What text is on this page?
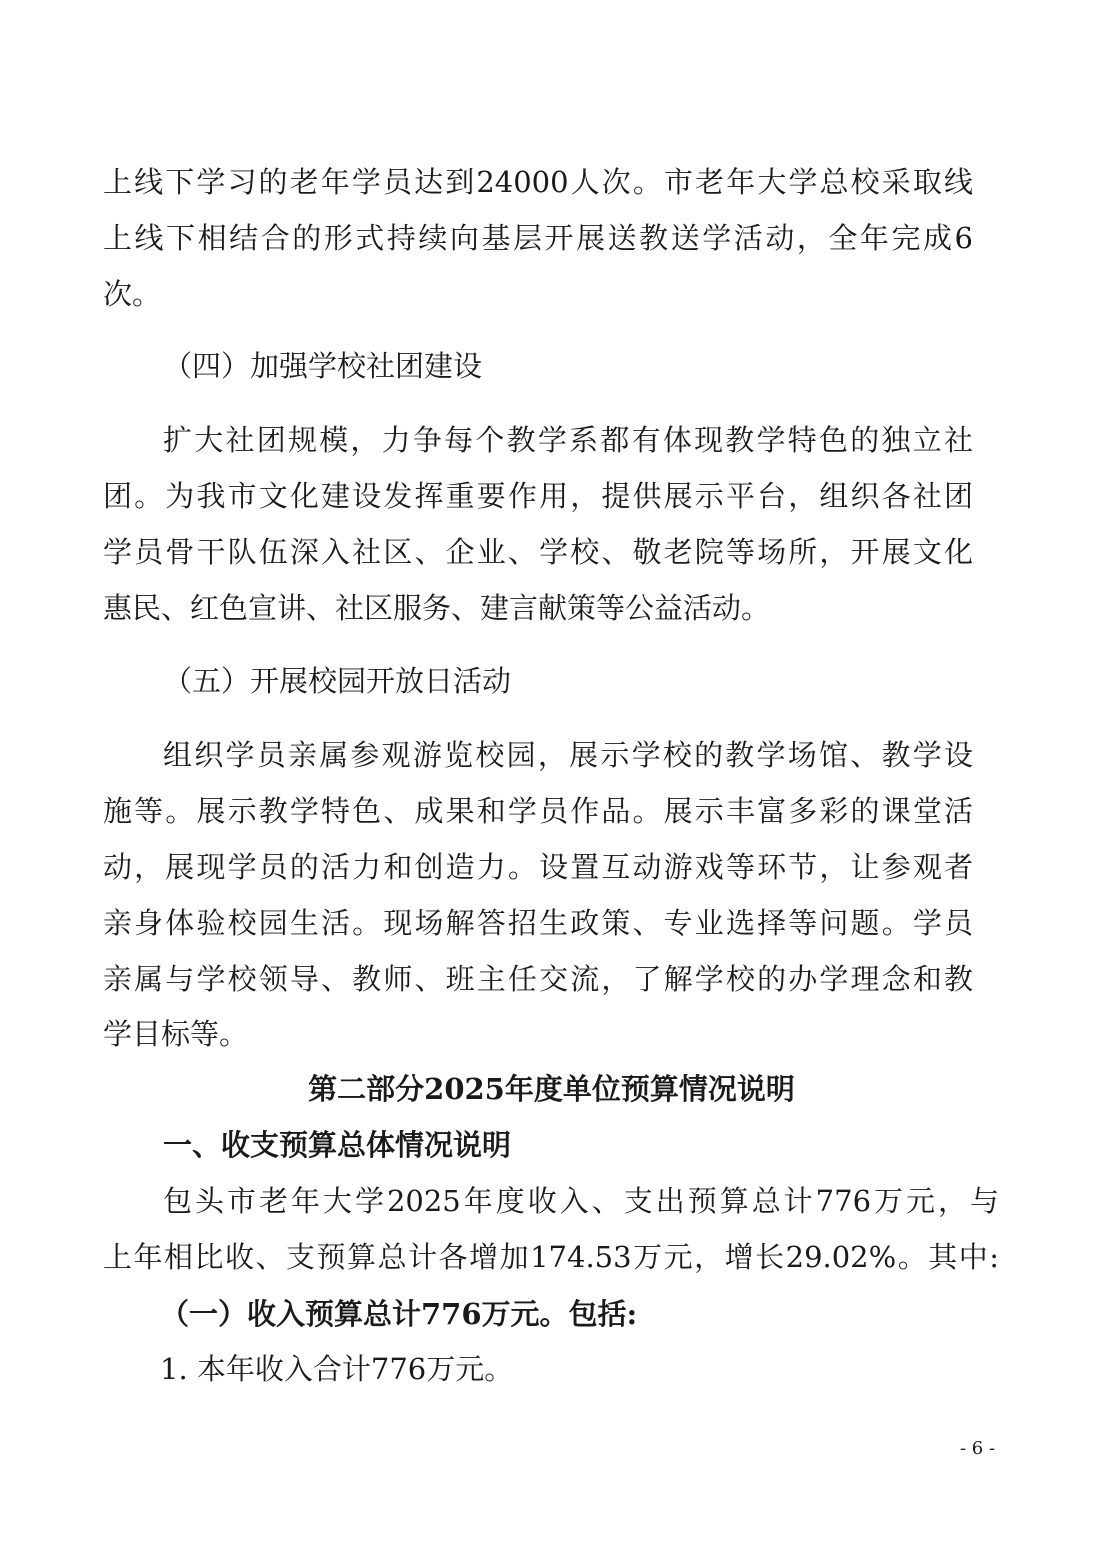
上线下学习的老年学员达到24000人次。市老年大学总校采取线
上线下相结合的形式持续向基层开展送教送学活动，全年完成6
次。
（四）加强学校社团建设
扩大社团规模，力争每个教学系都有体现教学特色的独立社
团。为我市文化建设发挥重要作用，提供展示平台，组织各社团
学员骨干队伍深入社区、企业、学校、敬老院等场所，开展文化
惠民、红色宣讲、社区服务、建言献策等公益活动。
（五）开展校园开放日活动
组织学员亲属参观游览校园，展示学校的教学场馆、教学设
施等。展示教学特色、成果和学员作品。展示丰富多彩的课堂活
动，展现学员的活力和创造力。设置互动游戏等环节，让参观者
亲身体验校园生活。现场解答招生政策、专业选择等问题。学员
亲属与学校领导、教师、班主任交流，了解学校的办学理念和教
学目标等。
第二部分2025年度单位预算情况说明
一、收支预算总体情况说明
包头市老年大学2025年度收入、支出预算总计776万元，与
上年相比收、支预算总计各增加174.53万元，增长29.02%。其中:
（一）收入预算总计776万元。包括:
1. 本年收入合计776万元。
- 6 -
